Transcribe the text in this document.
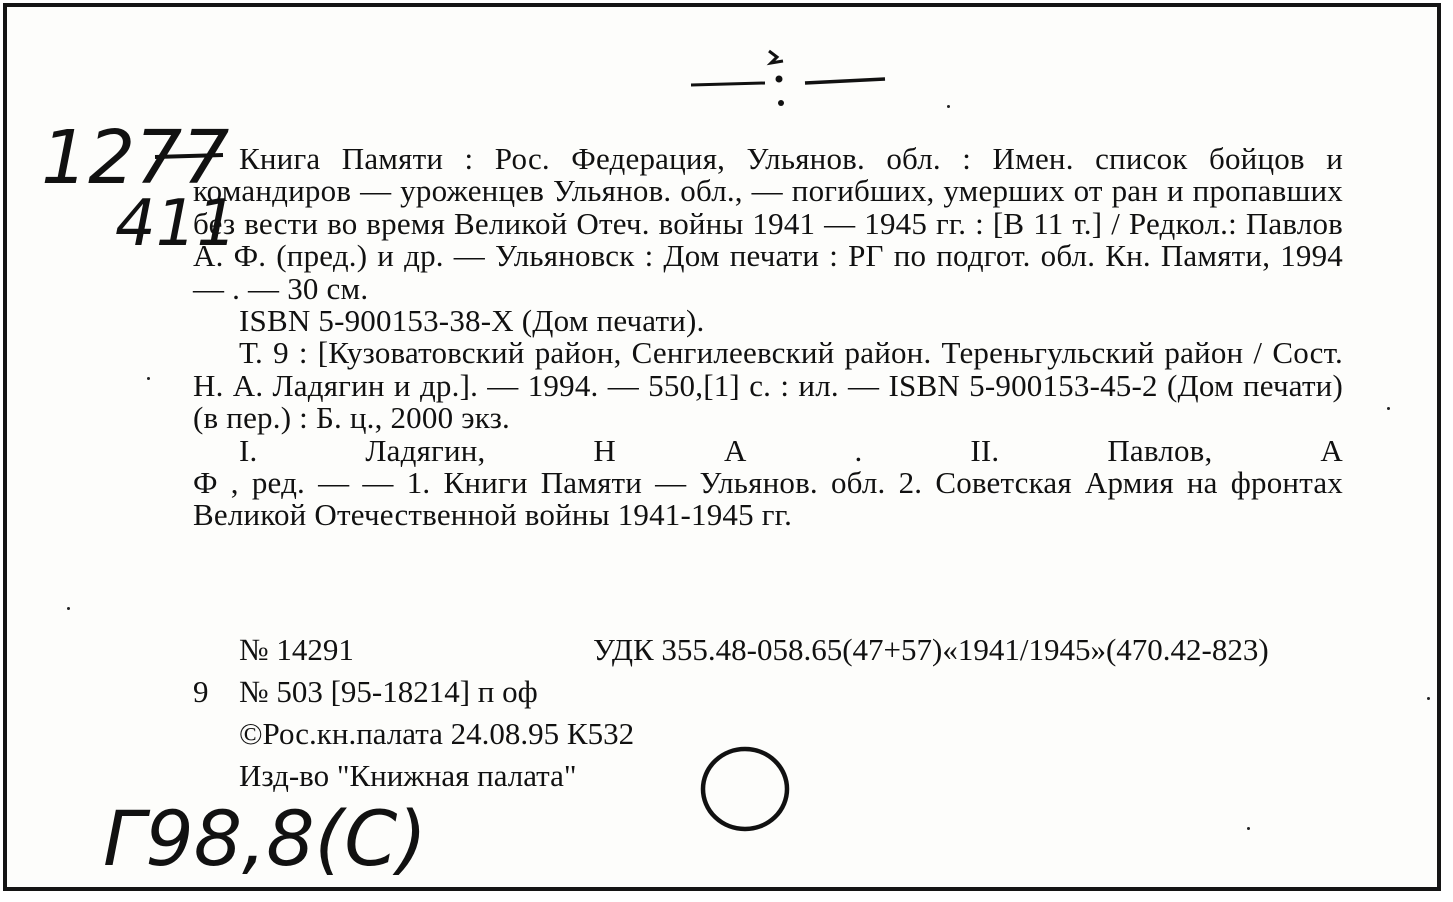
1277
411

Книга Памяти : Рос. Федерация, Ульянов. обл. : Имен. список бойцов и командиров — уроженцев Ульянов. обл., — погибших, умерших от ран и пропавших без вести во время Великой Отеч. войны 1941 — 1945 гг. : [В 11 т.] / Редкол.: Павлов А. Ф. (пред.) и др. — Ульяновск : Дом печати : РГ по подгот. обл. Кн. Памяти, 1994 — . — 30 см.

ISBN 5-900153-38-X (Дом печати).

Т. 9 : [Кузоватовский район, Сенгилеевский район. Тереньгульский район / Сост. Н. А. Ладягин и др.]. — 1994. — 550,[1] с. : ил. — ISBN 5-900153-45-2 (Дом печати)(в пер.) : Б. ц., 2000 экз.

I. Ладягин, Н А . II. Павлов, А

Ф , ред. — — 1. Книги Памяти — Ульянов. обл. 2. Советская Армия на фронтах Великой Отечественной войны 1941-1945 гг.

№ 14291	УДК 355.48-058.65(47+57)«1941/1945»(470.42-823)
9 № 503 [95-18214] п оф
©Рос.кн.палата 24.08.95 К532
Изд-во "Книжная палата"
Г98,8(С)
